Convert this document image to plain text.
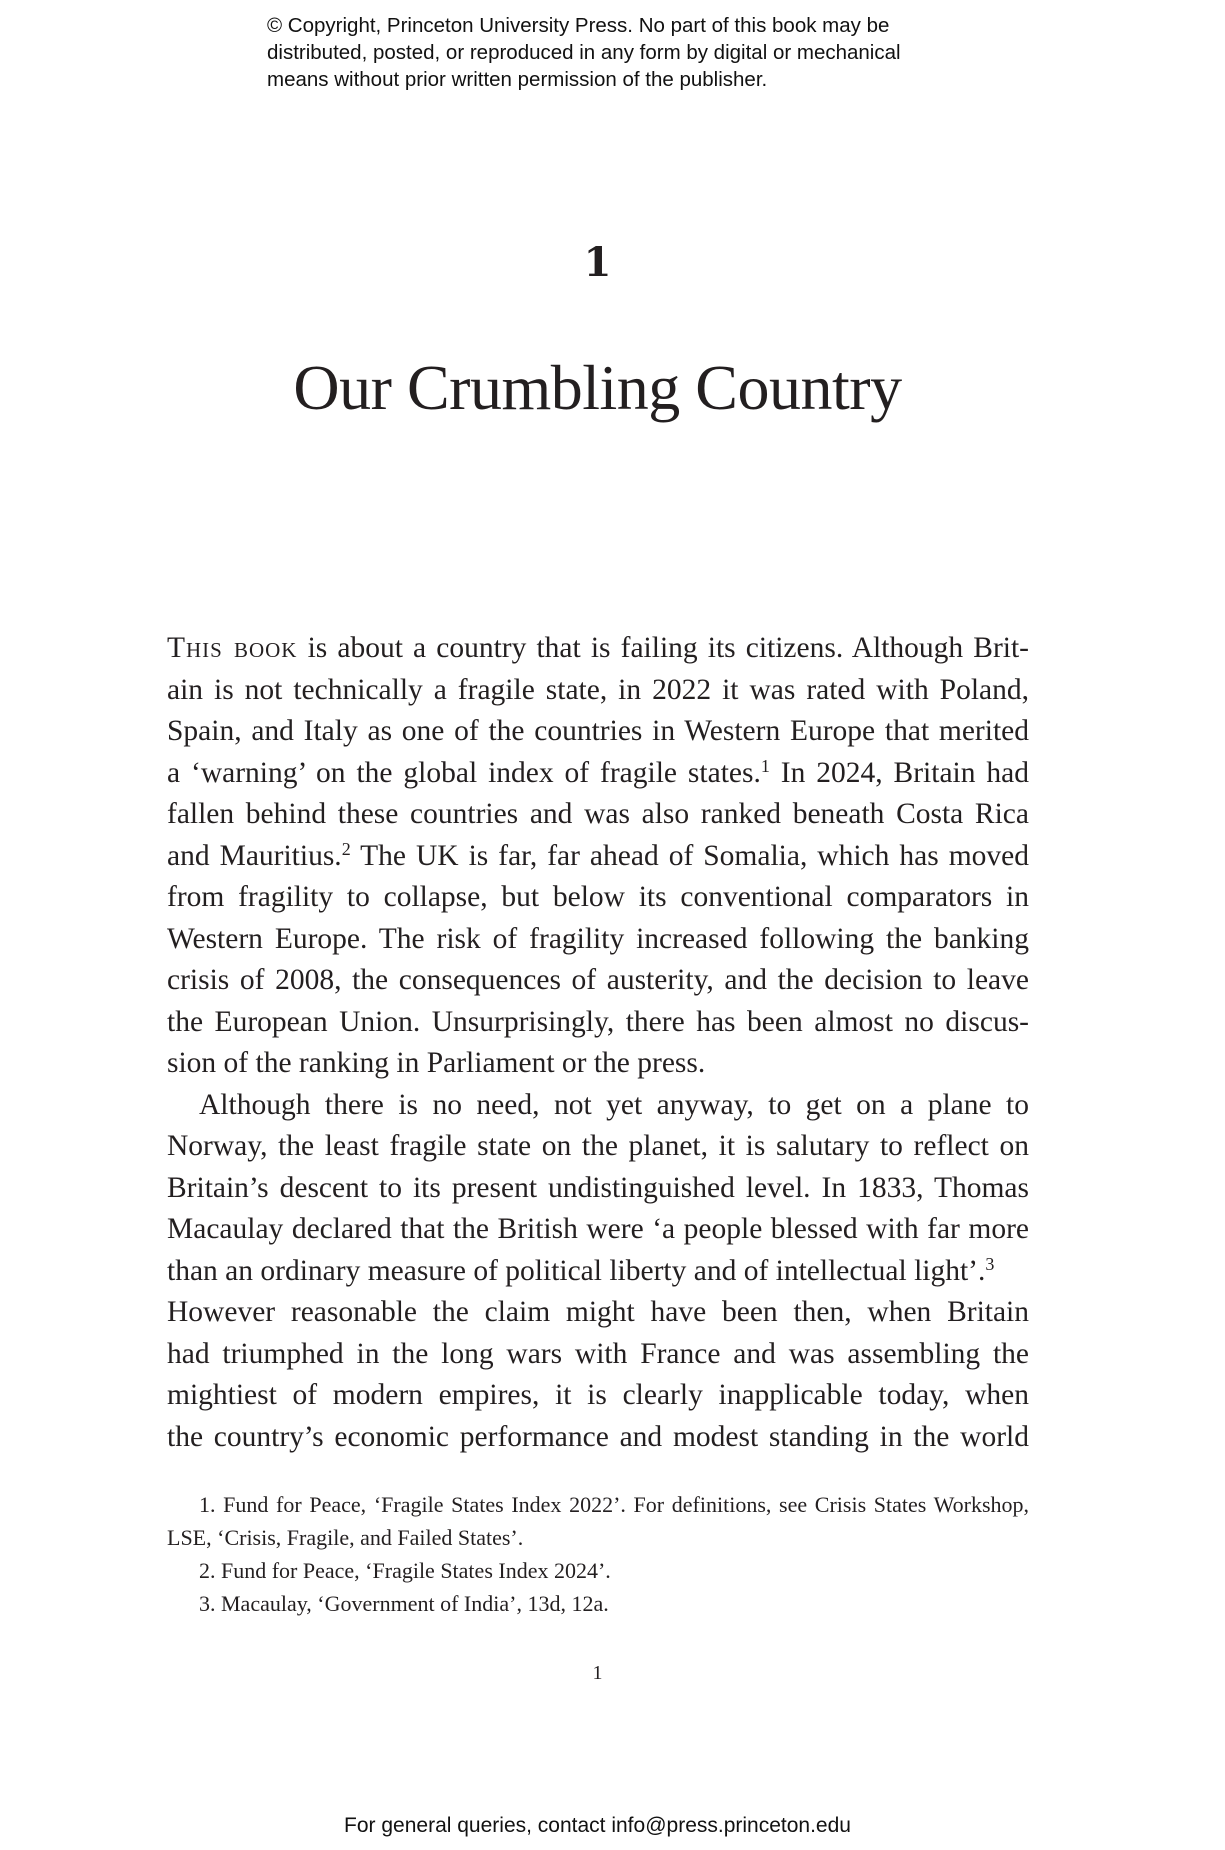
© Copyright, Princeton University Press. No part of this book may be
distributed, posted, or reproduced in any form by digital or mechanical
means without prior written permission of the publisher.
1
Our Crumbling Country
This book is about a country that is failing its citizens. Although Brit-
ain is not technically a fragile state, in 2022 it was rated with Poland,
Spain, and Italy as one of the countries in Western Europe that merited
a ‘warning’ on the global index of fragile states.$^1$ In 2024, Britain had
fallen behind these countries and was also ranked beneath Costa Rica
and Mauritius.$^2$ The UK is far, far ahead of Somalia, which has moved
from fragility to collapse, but below its conventional comparators in
Western Europe. The risk of fragility increased following the banking
crisis of 2008, the consequences of austerity, and the decision to leave
the European Union. Unsurprisingly, there has been almost no discus-
sion of the ranking in Parliament or the press.
Although there is no need, not yet anyway, to get on a plane to
Norway, the least fragile state on the planet, it is salutary to reflect on
Britain’s descent to its present undistinguished level. In 1833, Thomas
Macaulay declared that the British were ‘a people blessed with far more
than an ordinary measure of political liberty and of intellectual light’.$^3$
However reasonable the claim might have been then, when Britain
had triumphed in the long wars with France and was assembling the
mightiest of modern empires, it is clearly inapplicable today, when
the country’s economic performance and modest standing in the world
1. Fund for Peace, ‘Fragile States Index 2022’. For definitions, see Crisis States Workshop,
LSE, ‘Crisis, Fragile, and Failed States’.
2. Fund for Peace, ‘Fragile States Index 2024’.
3. Macaulay, ‘Government of India’, 13d, 12a.
1
For general queries, contact info@press.princeton.edu
